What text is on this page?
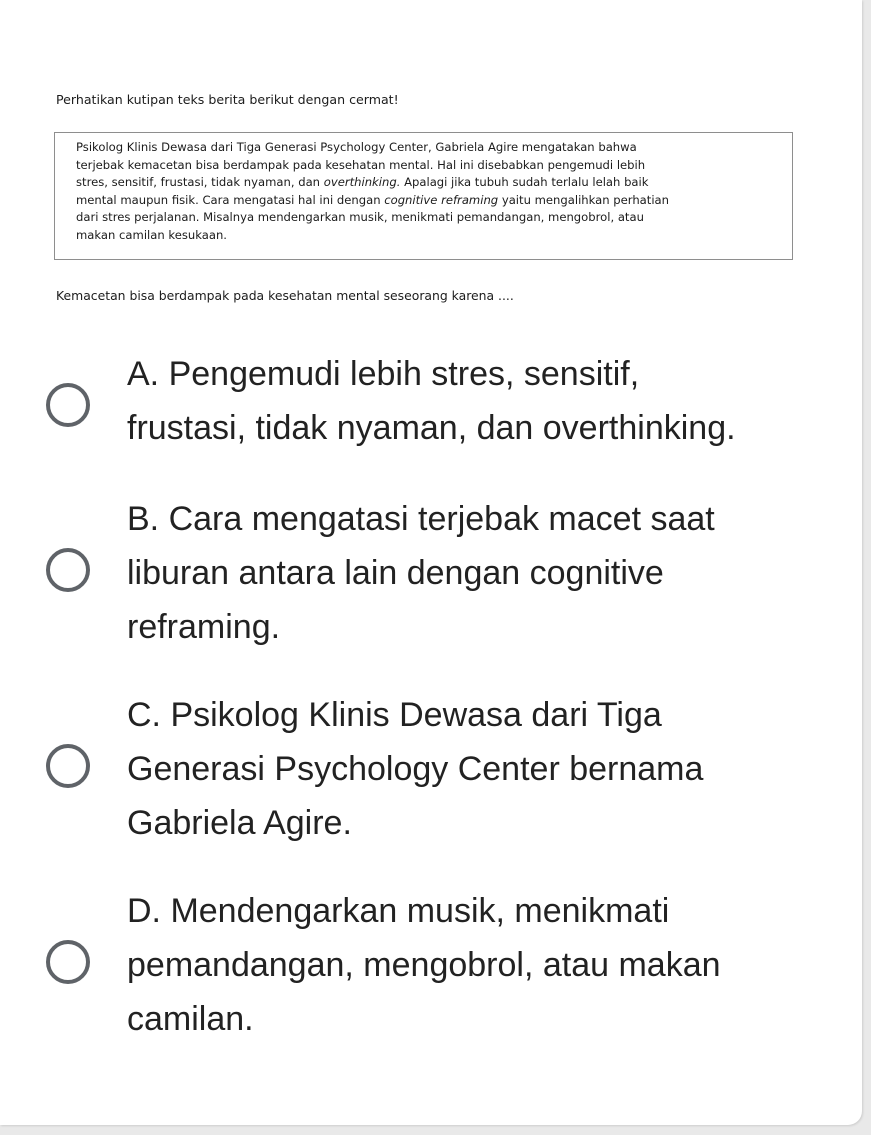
Perhatikan kutipan teks berita berikut dengan cermat!
Psikolog Klinis Dewasa dari Tiga Generasi Psychology Center, Gabriela Agire mengatakan bahwa
terjebak kemacetan bisa berdampak pada kesehatan mental. Hal ini disebabkan pengemudi lebih
stres, sensitif, frustasi, tidak nyaman, dan overthinking. Apalagi jika tubuh sudah terlalu lelah baik
mental maupun fisik. Cara mengatasi hal ini dengan cognitive reframing yaitu mengalihkan perhatian
dari stres perjalanan. Misalnya mendengarkan musik, menikmati pemandangan, mengobrol, atau
makan camilan kesukaan.
Kemacetan bisa berdampak pada kesehatan mental seseorang karena ....
A. Pengemudi lebih stres, sensitif,
frustasi, tidak nyaman, dan overthinking.
B. Cara mengatasi terjebak macet saat
liburan antara lain dengan cognitive
reframing.
C. Psikolog Klinis Dewasa dari Tiga
Generasi Psychology Center bernama
Gabriela Agire.
D. Mendengarkan musik, menikmati
pemandangan, mengobrol, atau makan
camilan.
